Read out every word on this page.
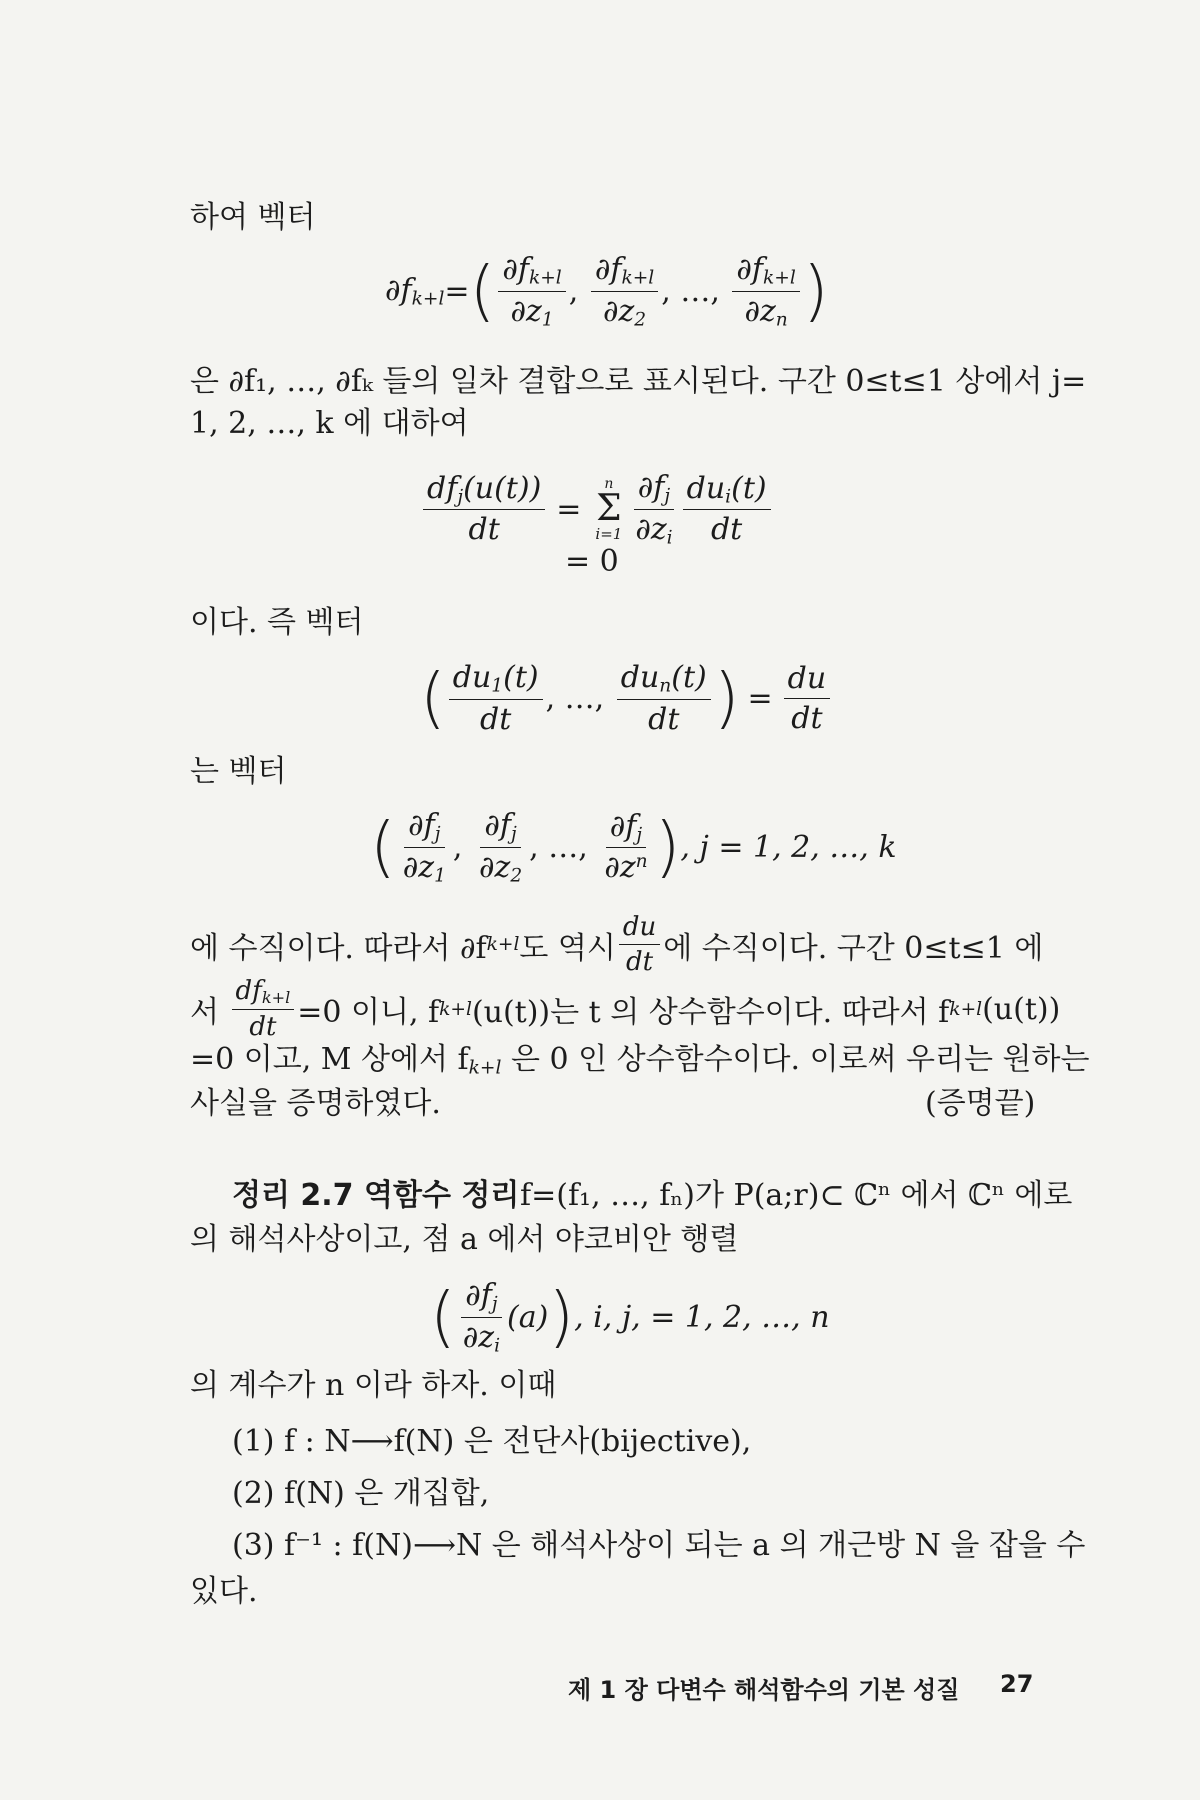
하여 벡터
$\partial f_{k+l}$ = ( $\frac{\partial f_{k+l}}{\partial z_1}$ , $\frac{\partial f_{k+l}}{\partial z_2}$ , …,
$\frac{\partial f_{k+l}}{\partial z_n}$ )
은 ∂f₁, …, ∂fₖ 들의 일차 결합으로 표시된다. 구간 0≤t≤1 상에서 j=
1, 2, …, k 에 대하여
$\frac{df_j(u(t))}{dt}$ =
n
Σ
$i=1 \frac{\partial f_j}{\partial z_i} \frac{du_i(t)}{dt}$
= 0
이다. 즉 벡터
( $\frac{du_1(t)}{dt}$ , …,
$\frac{du_n(t)}{dt}$ ) = $\frac{du}{dt}$
는 벡터
( $\frac{\partial f_j}{\partial z_1}$ , $\frac{\partial f_j}{\partial z_2}$ , …,
$\frac{\partial f_j}{\partial z^n}$ ) , j = 1, 2, …, k
에 수직이다. 따라서 ∂f k+l 도 역시 $\frac{du}{dt}$ 에 수직이다. 구간 0≤t≤1 에
서
$\frac{df_{k+l}}{dt} =0$ 이니, f k+l (u(t))는 t 의 상수함수이다. 따라서 f k+l (u(t))
=0 이고, M 상에서 $f_{k+l}$ 은 0 인 상수함수이다. 이로써 우리는 원하는
사실을 증명하였다.	(증명끝)
정리 2.7 역함수 정리 f=(f₁, …, fₙ)가 P(a;r)⊂ ℂⁿ 에서 ℂⁿ 에로
의 해석사상이고, 점 a 에서 야코비안 행렬
( $\frac{\partial f_j}{\partial z_i} (a)$ ) , i, j, = 1, 2, …, n
의 계수가 n 이라 하자. 이때
(1) f : N⟶f(N) 은 전단사(bijective),
(2) f(N) 은 개집합,
(3) f⁻¹ : f(N)⟶N 은 해석사상이 되는 a 의 개근방 N 을 잡을 수
있다.
제 1 장 다변수 해석함수의 기본 성질 27
